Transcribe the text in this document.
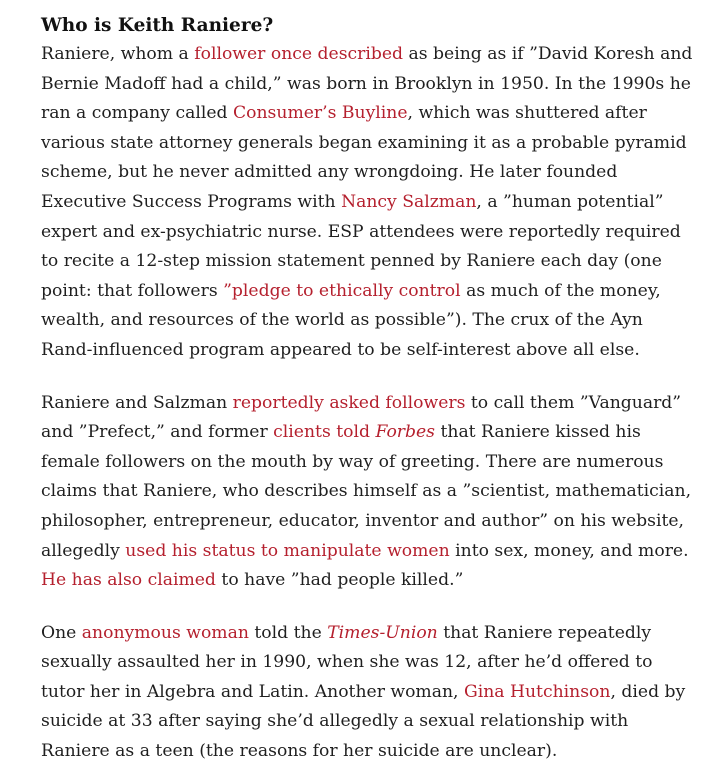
Who is Keith Raniere?

Raniere, whom a follower once described as being as if ”David Koresh and Bernie Madoff had a child,” was born in Brooklyn in 1950. In the 1990s he ran a company called Consumer’s Buyline, which was shuttered after various state attorney generals began examining it as a probable pyramid scheme, but he never admitted any wrongdoing. He later founded Executive Success Programs with Nancy Salzman, a ”human potential” expert and ex-psychiatric nurse. ESP attendees were reportedly required to recite a 12-step mission statement penned by Raniere each day (one point: that followers ”pledge to ethically control as much of the money, wealth, and resources of the world as possible”). The crux of the Ayn Rand-influenced program appeared to be self-interest above all else.

Raniere and Salzman reportedly asked followers to call them ”Vanguard” and ”Prefect,” and former clients told Forbes that Raniere kissed his female followers on the mouth by way of greeting. There are numerous claims that Raniere, who describes himself as a ”scientist, mathematician, philosopher, entrepreneur, educator, inventor and author” on his website, allegedly used his status to manipulate women into sex, money, and more. He has also claimed to have ”had people killed.”

One anonymous woman told the Times-Union that Raniere repeatedly sexually assaulted her in 1990, when she was 12, after he’d offered to tutor her in Algebra and Latin. Another woman, Gina Hutchinson, died by suicide at 33 after saying she’d allegedly a sexual relationship with Raniere as a teen (the reasons for her suicide are unclear).
